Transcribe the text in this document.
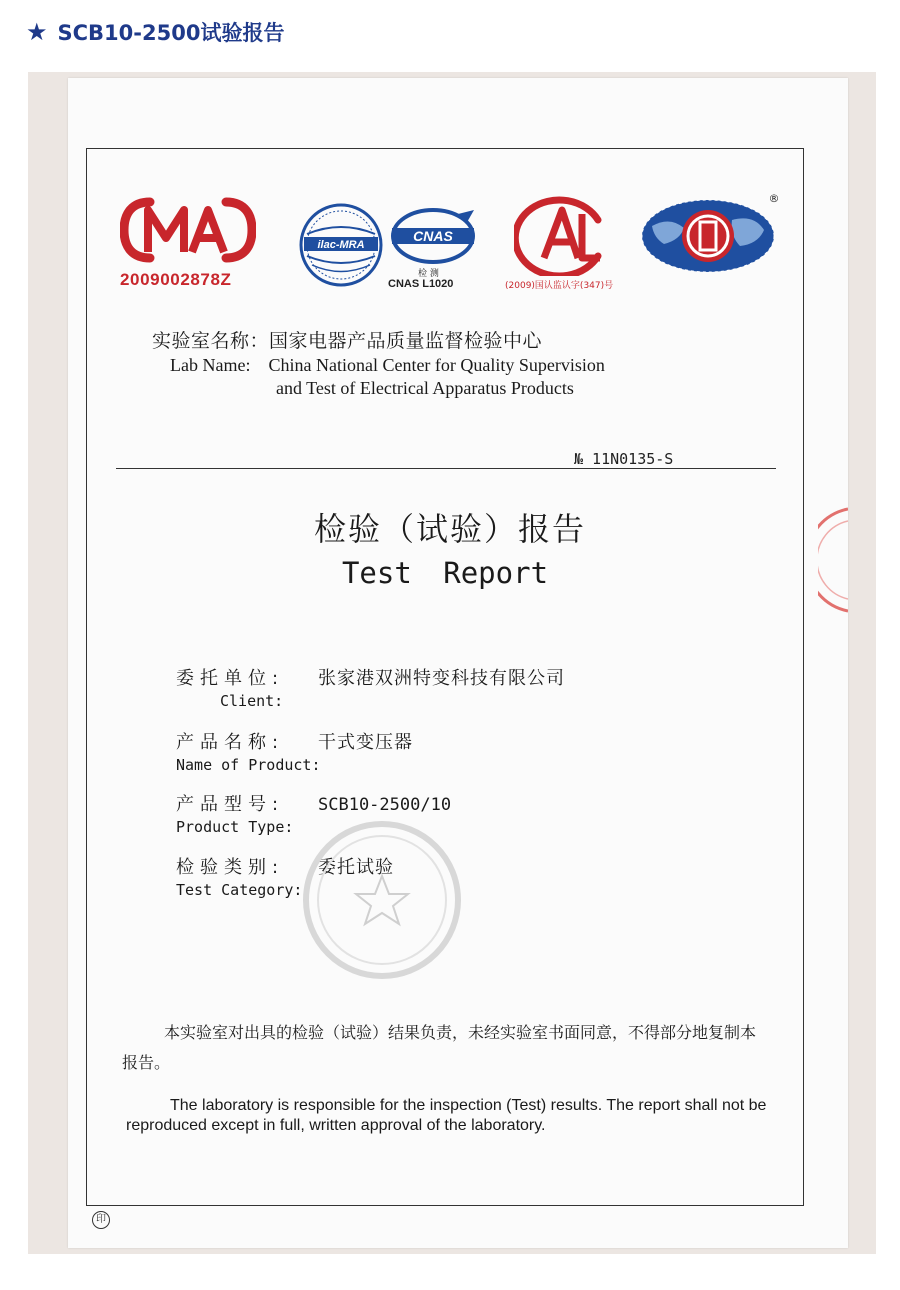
★ SCB10-2500试验报告
2009002878Z
ilac-MRA
CNAS
检 测
CNAS L1020	(2009)国认监认字(347)号
®
实验室名称：国家电器产品质量监督检验中心
Lab Name: China National Center for Quality Supervision
and Test of Electrical Apparatus Products
№ 11N0135-S
检验（试验）报告
Test Report
委托单位: 张家港双洲特变科技有限公司
Client:
产品名称: 干式变压器
Name of Product:
产品型号: SCB10-2500/10
Product Type:
检验类别: 委托试验
Test Category:
本实验室对出具的检验（试验）结果负责，未经实验室书面同意，不得部分地复制本报告。
The laboratory is responsible for the inspection (Test) results. The report shall not be reproduced except in full, written approval of the laboratory.
印
